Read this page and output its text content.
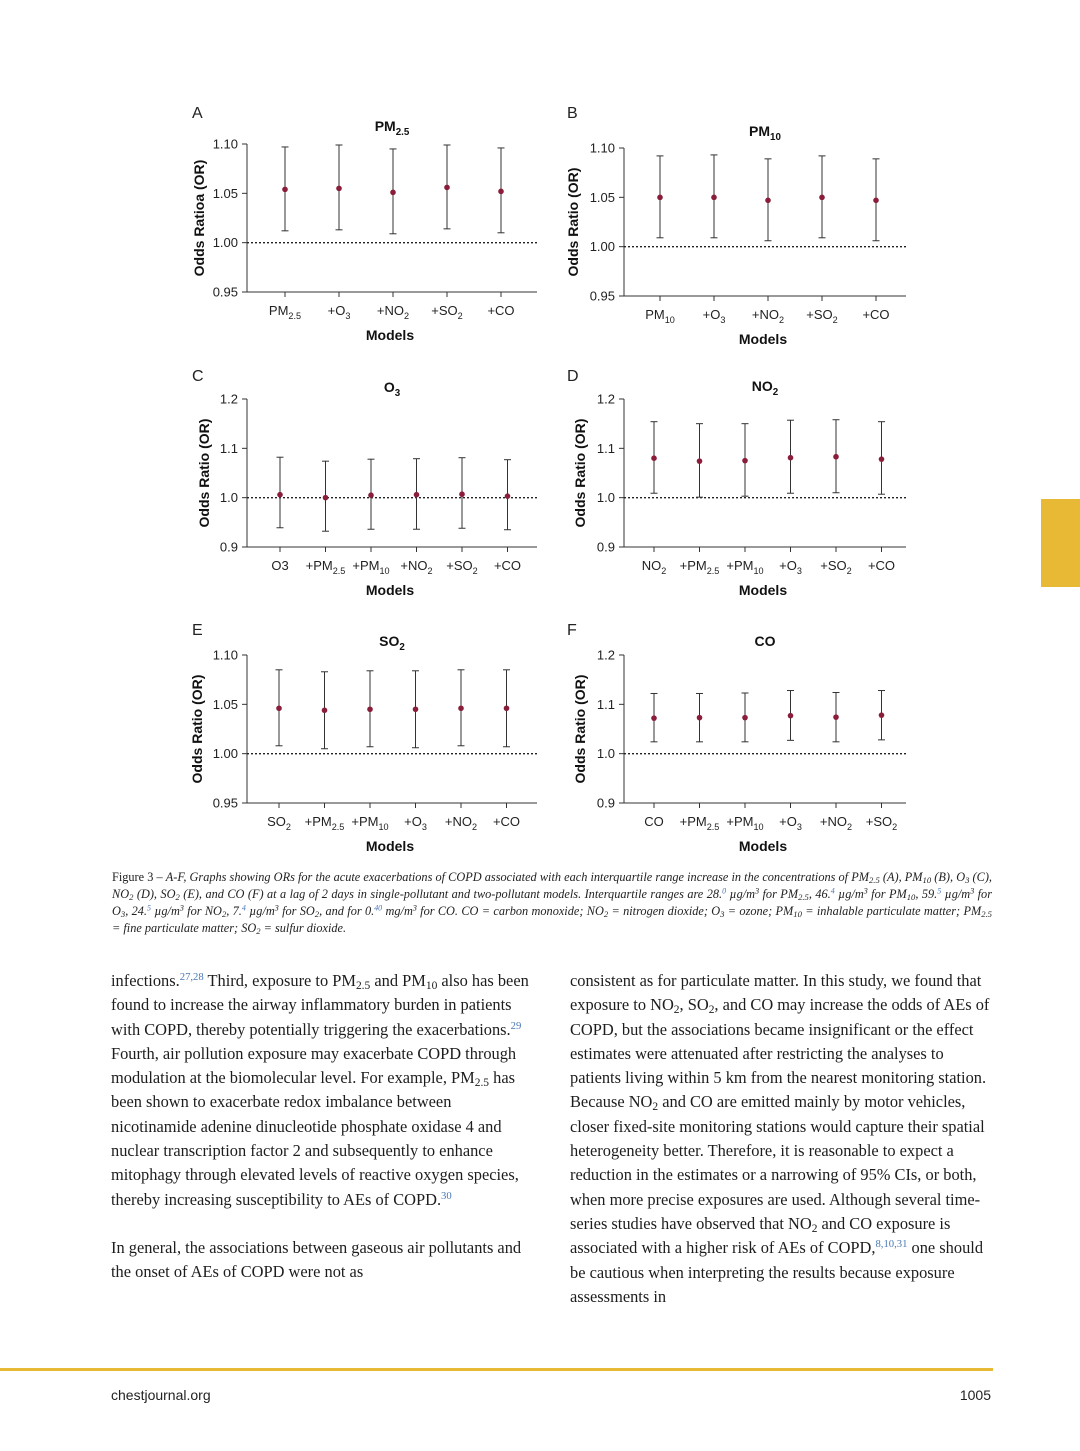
A
$PM_{2.5}$
0.95
1.00
1.05
1.10
Odds Ratioa (OR)
$PM_{2.5} +O_3 +NO_2 +SO_2 +CO$
Models
B
$PM_{10}$
0.95
1.00
1.05
1.10
Odds Ratio (OR)
$PM_{10} +O_3 +NO_2 +SO_2 +CO$
Models
C
$O_3$
0.9
1.0
1.1
1.2
Odds Ratio (OR)
$O3 +PM_{2.5} +PM_{10} +NO_2 +SO_2 +CO$
Models
D
$NO_2$
0.9
1.0
1.1
1.2
Odds Ratio (OR)
$NO_2 +PM_{2.5} +PM_{10} +O_3 +SO_2 +CO$
Models
E
$SO_2$
0.95
1.00
1.05
1.10
Odds Ratio (OR)
$SO_2 +PM_{2.5} +PM_{10} +O_3 +NO_2 +CO$
Models
F
CO
0.9
1.0
1.1
1.2
Odds Ratio (OR)
CO $+PM_{2.5} +PM_{10} +O_3 +NO_2 +SO_2$
Models
Figure 3 – A-F, Graphs showing ORs for the acute exacerbations of COPD associated with each interquartile range increase in the concentrations of $PM_{2.5}$ (A), $PM_{10}$ (B), $O_3$ (C), $NO_2$ (D), $SO_2$ (E), and CO (F) at a lag of 2 days in single-pollutant and two-pollutant models. Interquartile ranges are 28.$^0$ $\mu g/m^3$ for $PM_{2.5}$, 46.$^4$ $\mu g/m^3$ for $PM_{10}$, 59.$^5$ $\mu g/m^3$ for $O_3$, 24.$^5$ $\mu g/m^3$ for $NO_2$, 7.$^4$ $\mu g/m^3$ for $SO_2$, and for 0.40 $mg/m^3$ for CO. CO = carbon monoxide; $NO_2$ = nitrogen dioxide; $O_3$ = ozone; $PM_{10}$ = inhalable particulate matter; $PM_{2.5}$ = fine particulate matter; $SO_2$ = sulfur dioxide.

infections.$^{27,28}$ Third, exposure to $PM_{2.5}$ and $PM_{10}$ also has been found to increase the airway inflammatory burden in patients with COPD, thereby potentially triggering the exacerbations.$^{29}$ Fourth, air pollution exposure may exacerbate COPD through modulation at the biomolecular level. For example, $PM_{2.5}$ has been shown to exacerbate redox imbalance between nicotinamide adenine dinucleotide phosphate oxidase 4 and nuclear transcription factor 2 and subsequently to enhance mitophagy through elevated levels of reactive oxygen species, thereby increasing susceptibility to AEs of COPD.$^{30}$

In general, the associations between gaseous air pollutants and the onset of AEs of COPD were not as

consistent as for particulate matter. In this study, we found that exposure to $NO_2$, $SO_2$, and CO may increase the odds of AEs of COPD, but the associations became insignificant or the effect estimates were attenuated after restricting the analyses to patients living within 5 km from the nearest monitoring station. Because $NO_2$ and CO are emitted mainly by motor vehicles, closer fixed-site monitoring stations would capture their spatial heterogeneity better. Therefore, it is reasonable to expect a reduction in the estimates or a narrowing of 95% CIs, or both, when more precise exposures are used. Although several time-series studies have observed that $NO_2$ and CO exposure is associated with a higher risk of AEs of COPD,$^{8,10,31}$ one should be cautious when interpreting the results because exposure assessments in

chestjournal.org	1005
